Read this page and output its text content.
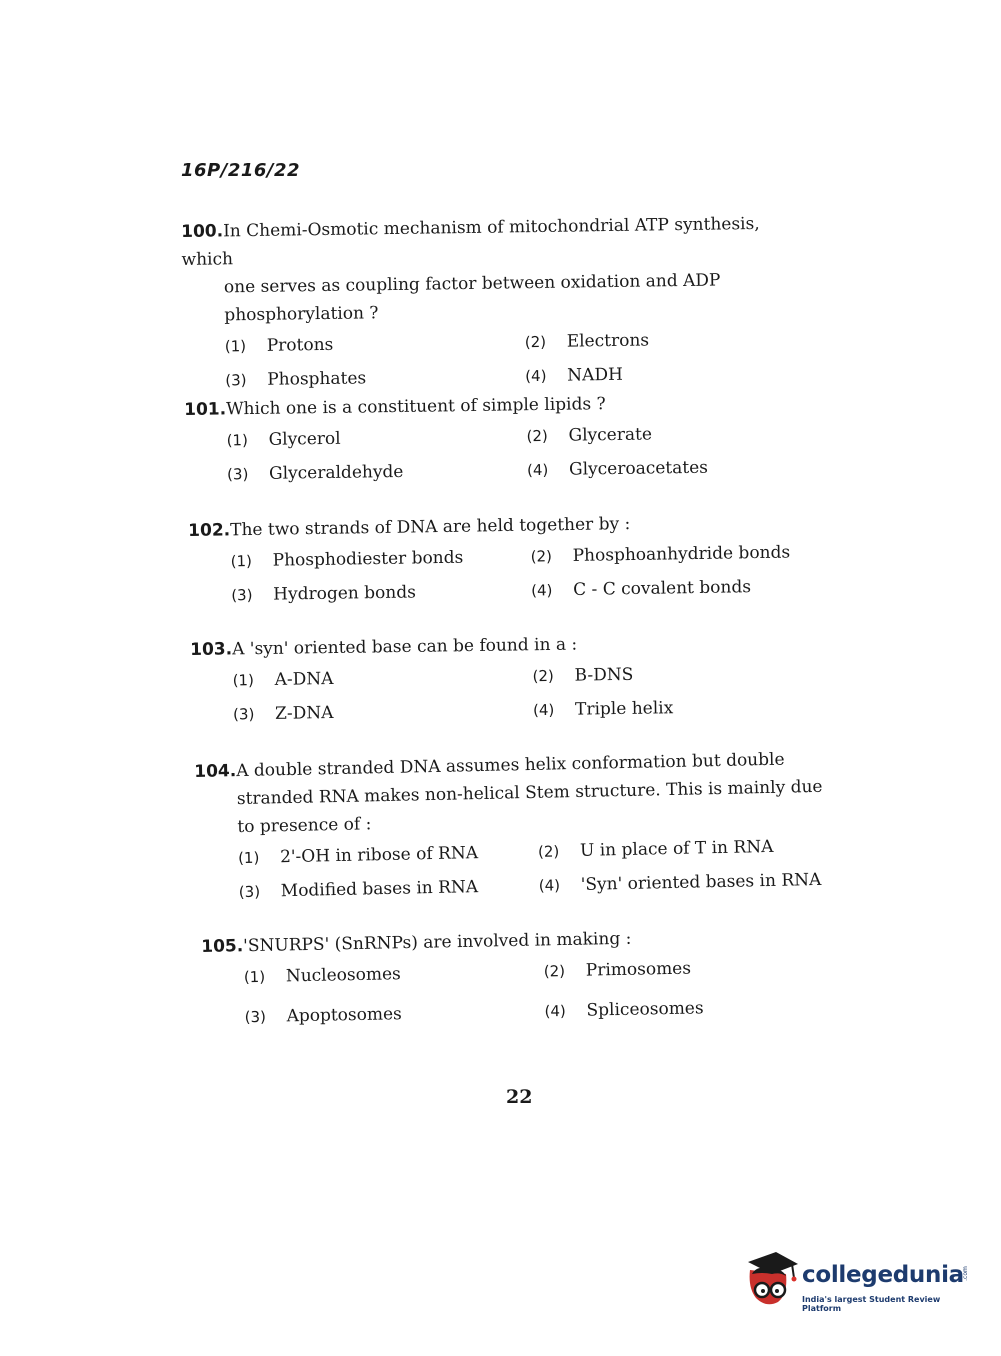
16P/216/22

100.In Chemi-Osmotic mechanism of mitochondrial ATP synthesis, which
one serves as coupling factor between oxidation and ADP phosphorylation ?

(1)	Protons	(2)	Electrons
(3)	Phosphates	(4)	NADH

101.Which one is a constituent of simple lipids ?

(1)	Glycerol	(2)	Glycerate
(3)	Glyceraldehyde	(4)	Glyceroacetates

102.The two strands of DNA are held together by :

(1)	Phosphodiester bonds	(2)	Phosphoanhydride bonds
(3)	Hydrogen bonds	(4)	C - C covalent bonds

103.A 'syn' oriented base can be found in a :

(1)	A-DNA	(2)	B-DNS
(3)	Z-DNA	(4)	Triple helix

104.A double stranded DNA assumes helix conformation but double
stranded RNA makes non-helical Stem structure. This is mainly due to presence of :

(1)	2'-OH in ribose of RNA	(2)	U in place of T in RNA
(3)	Modified bases in RNA	(4)	'Syn' oriented bases in RNA

105.'SNURPS' (SnRNPs) are involved in making :

(1)	Nucleosomes	(2)	Primosomes
(3)	Apoptosomes	(4)	Spliceosomes
22
collegedunia
.com
India's largest Student Review Platform
